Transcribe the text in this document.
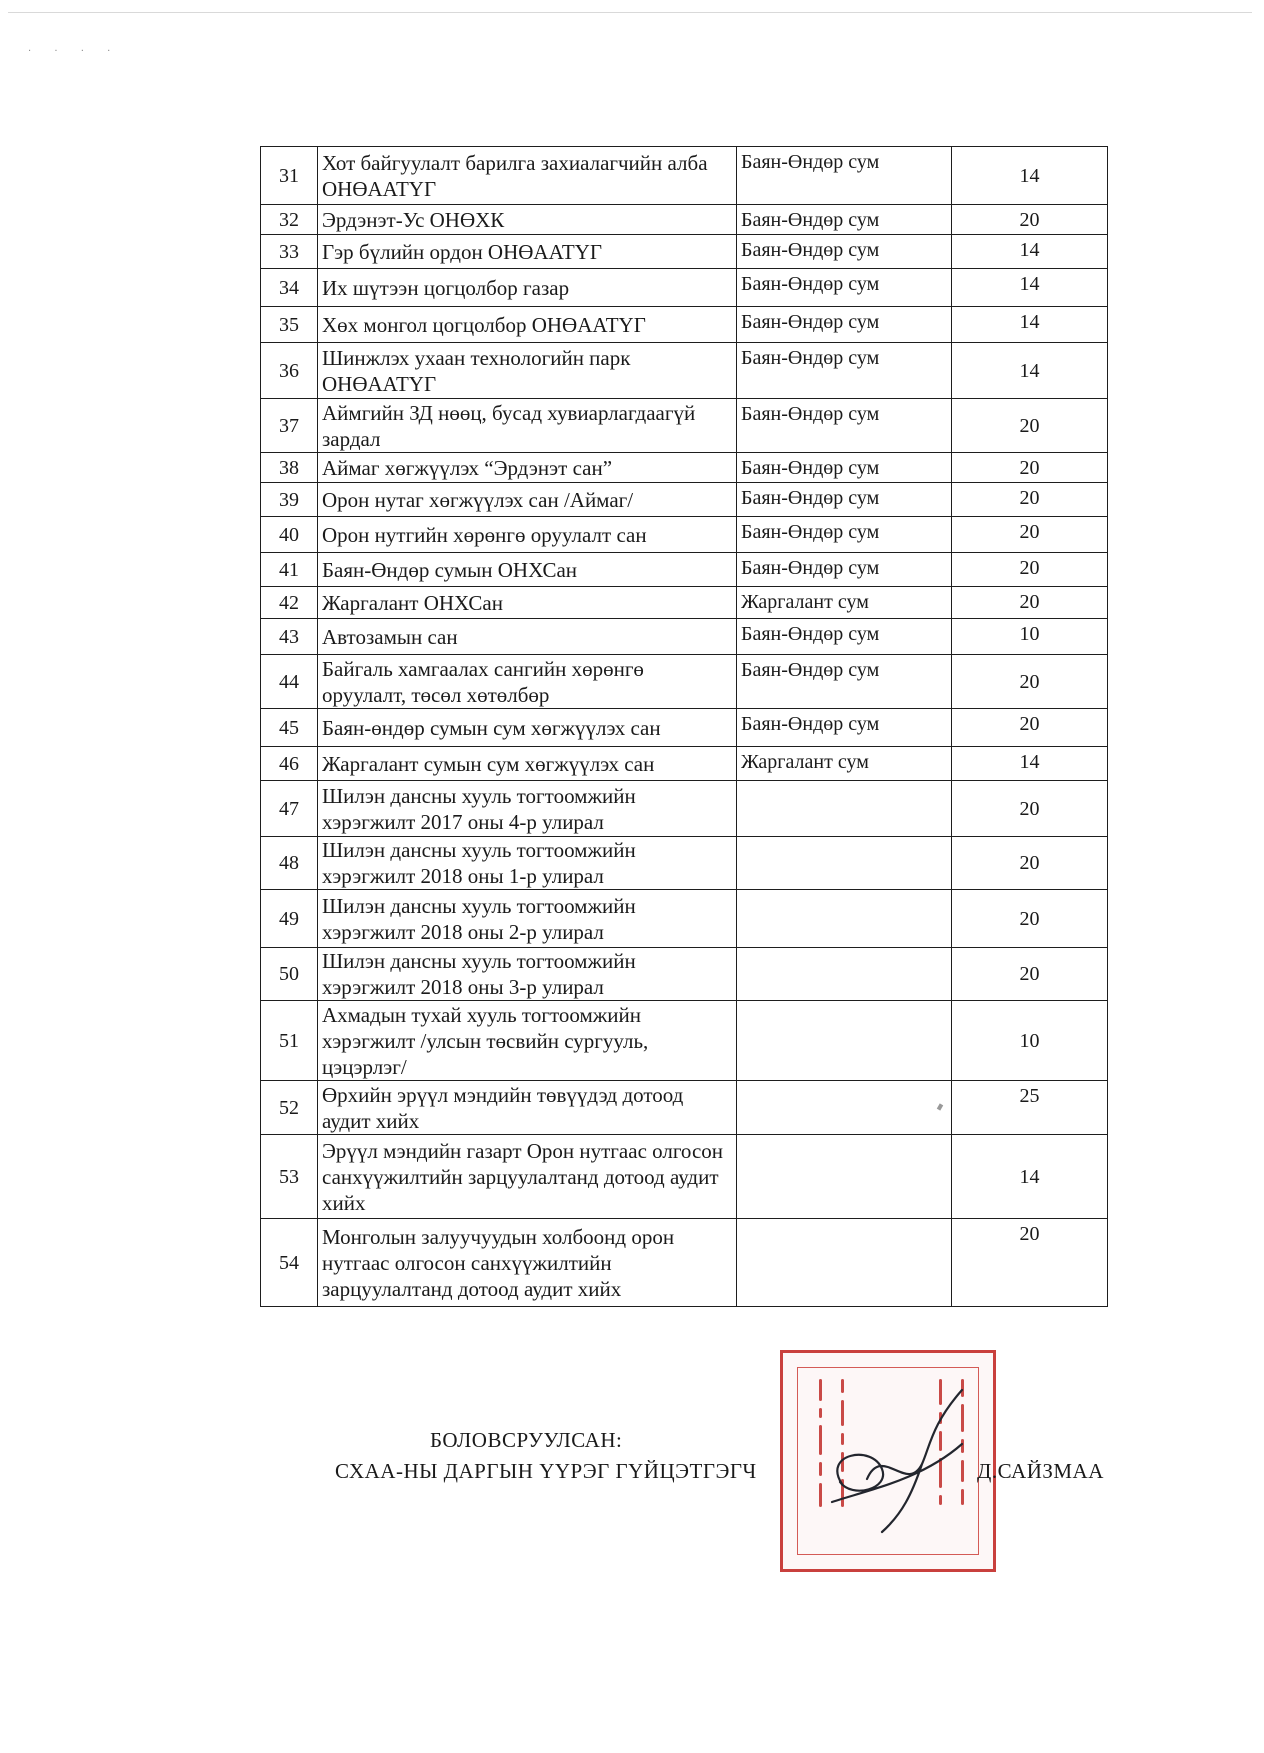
· · · ·
31	Хот байгуулалт барилга захиалагчийн алба ОНӨААТҮГ	Баян-Өндөр сум	14
32	Эрдэнэт-Ус ОНӨХК	Баян-Өндөр сум	20
33	Гэр бүлийн ордон ОНӨААТҮГ	Баян-Өндөр сум	14
34	Их шүтээн цогцолбор газар	Баян-Өндөр сум	14
35	Хөх монгол цогцолбор ОНӨААТҮГ	Баян-Өндөр сум	14
36	Шинжлэх ухаан технологийн парк ОНӨААТҮГ	Баян-Өндөр сум	14
37	Аймгийн ЗД нөөц, бусад хувиарлагдаагүй зардал	Баян-Өндөр сум	20
38	Аймаг хөгжүүлэх “Эрдэнэт сан”	Баян-Өндөр сум	20
39	Орон нутаг хөгжүүлэх сан /Аймаг/	Баян-Өндөр сум	20
40	Орон нутгийн хөрөнгө оруулалт сан	Баян-Өндөр сум	20
41	Баян-Өндөр сумын ОНХСан	Баян-Өндөр сум	20
42	Жаргалант ОНХСан	Жаргалант сум	20
43	Автозамын сан	Баян-Өндөр сум	10
44	Байгаль хамгаалах сангийн хөрөнгө оруулалт, төсөл хөтөлбөр	Баян-Өндөр сум	20
45	Баян-өндөр сумын сум хөгжүүлэх сан	Баян-Өндөр сум	20
46	Жаргалант сумын сум хөгжүүлэх сан	Жаргалант сум	14
47	Шилэн дансны хууль тогтоомжийн хэрэгжилт 2017 оны 4-р улирал		20
48	Шилэн дансны хууль тогтоомжийн хэрэгжилт 2018 оны 1-р улирал		20
49	Шилэн дансны хууль тогтоомжийн хэрэгжилт 2018 оны 2-р улирал		20
50	Шилэн дансны хууль тогтоомжийн хэрэгжилт 2018 оны 3-р улирал		20
51	Ахмадын тухай хууль тогтоомжийн хэрэгжилт /улсын төсвийн сургууль, цэцэрлэг/		10
52	Өрхийн эрүүл мэндийн төвүүдэд дотоод аудит хийх		25
53	Эрүүл мэндийн газарт Орон нутгаас олгосон санхүүжилтийн зарцуулалтанд дотоод аудит хийх		14
54	Монголын залуучуудын холбоонд орон нутгаас олгосон санхүүжилтийн зарцуулалтанд дотоод аудит хийх		20
БОЛОВСРУУЛСАН:
СХАА-НЫ ДАРГЫН ҮҮРЭГ ГҮЙЦЭТГЭГЧ	Д.САЙЗМАА
